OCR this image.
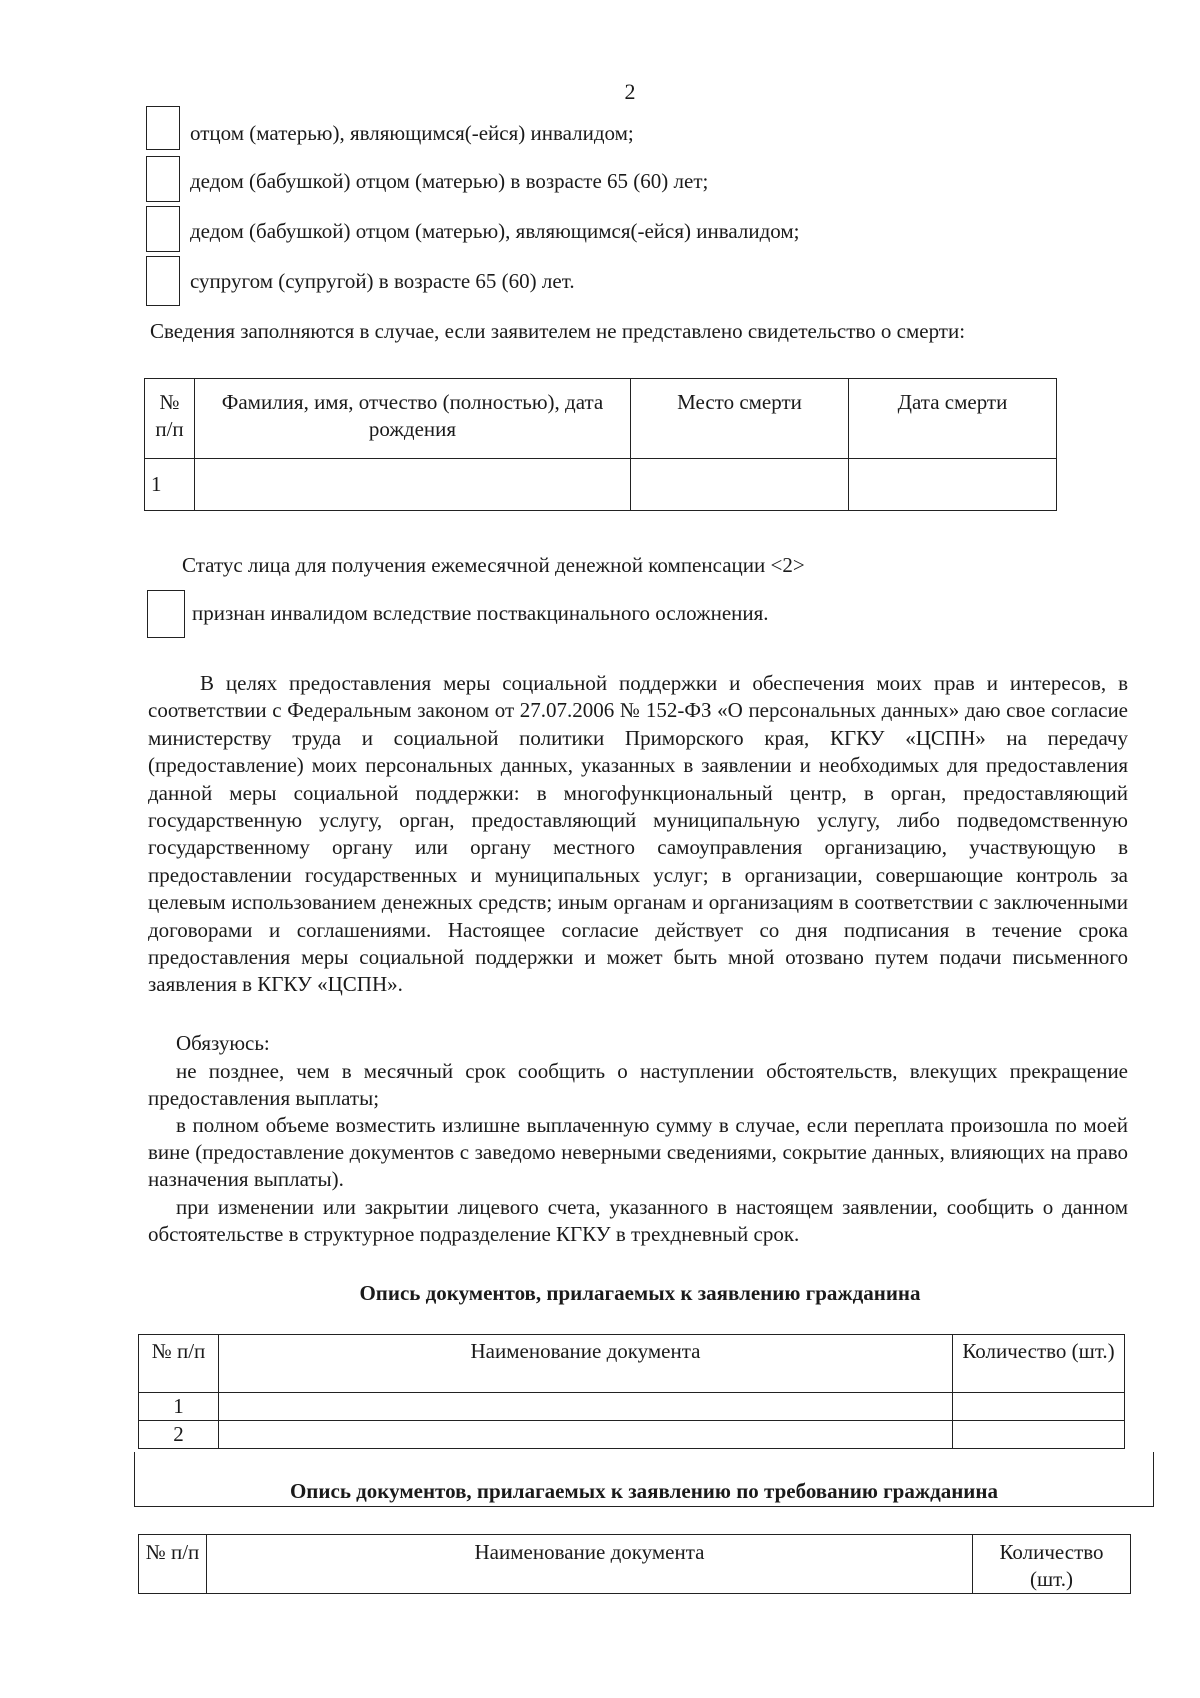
2
отцом (матерью), являющимся(-ейся) инвалидом;
дедом (бабушкой) отцом (матерью) в возрасте 65 (60) лет;
дедом (бабушкой) отцом (матерью), являющимся(-ейся) инвалидом;
супругом (супругой) в возрасте 65 (60) лет.
Сведения заполняются в случае, если заявителем не представлено свидетельство о смерти:
№ п/п	Фамилия, имя, отчество (полностью), дата рождения	Место смерти	Дата смерти
1			
Статус лица для получения ежемесячной денежной компенсации <2>
признан инвалидом вследствие поствакцинального осложнения.
В целях предоставления меры социальной поддержки и обеспечения моих прав и интересов, в соответствии с Федеральным законом от 27.07.2006 № 152-ФЗ «О персональных данных» даю свое согласие министерству труда и социальной политики Приморского края, КГКУ «ЦСПН» на передачу (предоставление) моих персональных данных, указанных в заявлении и необходимых для предоставления данной меры социальной поддержки: в многофункциональный центр, в орган, предоставляющий государственную услугу, орган, предоставляющий муниципальную услугу, либо подведомственную государственному органу или органу местного самоуправления организацию, участвующую в предоставлении государственных и муниципальных услуг; в организации, совершающие контроль за целевым использованием денежных средств; иным органам и организациям в соответствии с заключенными договорами и соглашениями. Настоящее согласие действует со дня подписания в течение срока предоставления меры социальной поддержки и может быть мной отозвано путем подачи письменного заявления в КГКУ «ЦСПН».
Обязуюсь:
не позднее, чем в месячный срок сообщить о наступлении обстоятельств, влекущих прекращение предоставления выплаты;
в полном объеме возместить излишне выплаченную сумму в случае, если переплата произошла по моей вине (предоставление документов с заведомо неверными сведениями, сокрытие данных, влияющих на право назначения выплаты).
при изменении или закрытии лицевого счета, указанного в настоящем заявлении, сообщить о данном обстоятельстве в структурное подразделение КГКУ в трехдневный срок.
Опись документов, прилагаемых к заявлению гражданина
№ п/п	Наименование документа	Количество (шт.)
1		
2		
Опись документов, прилагаемых к заявлению по требованию гражданина
№ п/п	Наименование документа	Количество (шт.)
